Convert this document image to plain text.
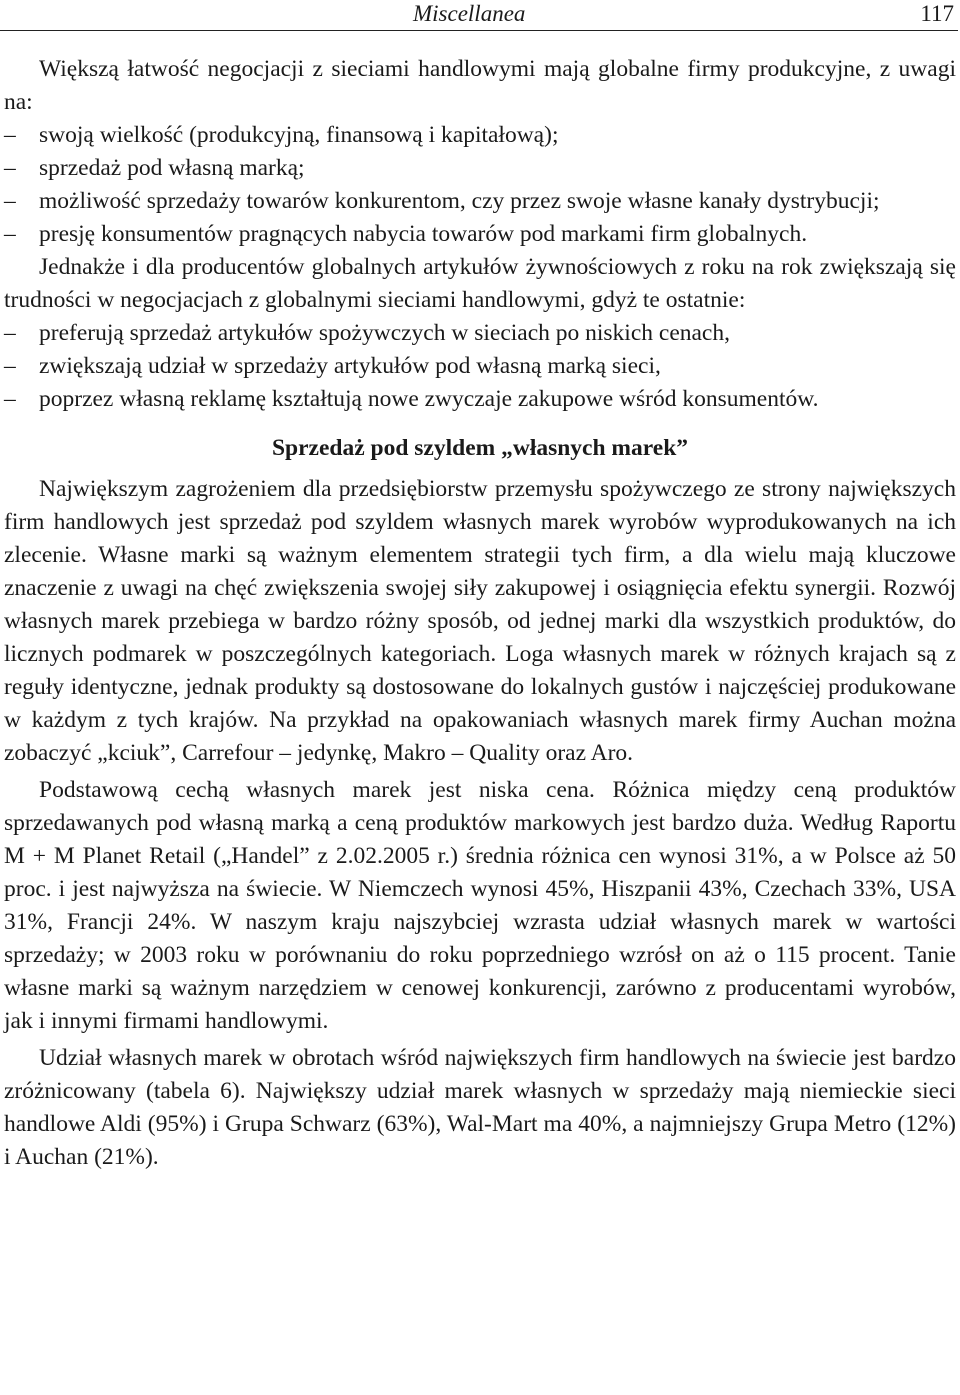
Miscellanea	117

Większą łatwość negocjacji z sieciami handlowymi mają globalne firmy produkcyjne, z uwagi na:

– swoją wielkość (produkcyjną, finansową i kapitałową);
– sprzedaż pod własną marką;
– możliwość sprzedaży towarów konkurentom, czy przez swoje własne kanały dystrybucji;
– presję konsumentów pragnących nabycia towarów pod markami firm globalnych.

Jednakże i dla producentów globalnych artykułów żywnościowych z roku na rok zwiększają się trudności w negocjacjach z globalnymi sieciami handlowymi, gdyż te ostatnie:

– preferują sprzedaż artykułów spożywczych w sieciach po niskich cenach,
– zwiększają udział w sprzedaży artykułów pod własną marką sieci,
– poprzez własną reklamę kształtują nowe zwyczaje zakupowe wśród konsumentów.

Sprzedaż pod szyldem „własnych marek”

Największym zagrożeniem dla przedsiębiorstw przemysłu spożywczego ze strony największych firm handlowych jest sprzedaż pod szyldem własnych marek wyrobów wyprodukowanych na ich zlecenie. Własne marki są ważnym elementem strategii tych firm, a dla wielu mają kluczowe znaczenie z uwagi na chęć zwiększenia swojej siły zakupowej i osiągnięcia efektu synergii. Rozwój własnych marek przebiega w bardzo różny sposób, od jednej marki dla wszystkich produktów, do licznych podmarek w poszczególnych kategoriach. Loga własnych marek w różnych krajach są z reguły identyczne, jednak produkty są dostosowane do lokalnych gustów i najczęściej produkowane w każdym z tych krajów. Na przykład na opakowaniach własnych marek firmy Auchan można zobaczyć „kciuk”, Carrefour – jedynkę, Makro – Quality oraz Aro.

Podstawową cechą własnych marek jest niska cena. Różnica między ceną produktów sprzedawanych pod własną marką a ceną produktów markowych jest bardzo duża. Według Raportu M + M Planet Retail („Handel” z 2.02.2005 r.) średnia różnica cen wynosi 31%, a w Polsce aż 50 proc. i jest najwyższa na świecie. W Niemczech wynosi 45%, Hiszpanii 43%, Czechach 33%, USA 31%, Francji 24%. W naszym kraju najszybciej wzrasta udział własnych marek w wartości sprzedaży; w 2003 roku w porównaniu do roku poprzedniego wzrósł on aż o 115 procent. Tanie własne marki są ważnym narzędziem w cenowej konkurencji, zarówno z producentami wyrobów, jak i innymi firmami handlowymi.

Udział własnych marek w obrotach wśród największych firm handlowych na świecie jest bardzo zróżnicowany (tabela 6). Największy udział marek własnych w sprzedaży mają niemieckie sieci handlowe Aldi (95%) i Grupa Schwarz (63%), Wal-Mart ma 40%, a najmniejszy Grupa Metro (12%) i Auchan (21%).
